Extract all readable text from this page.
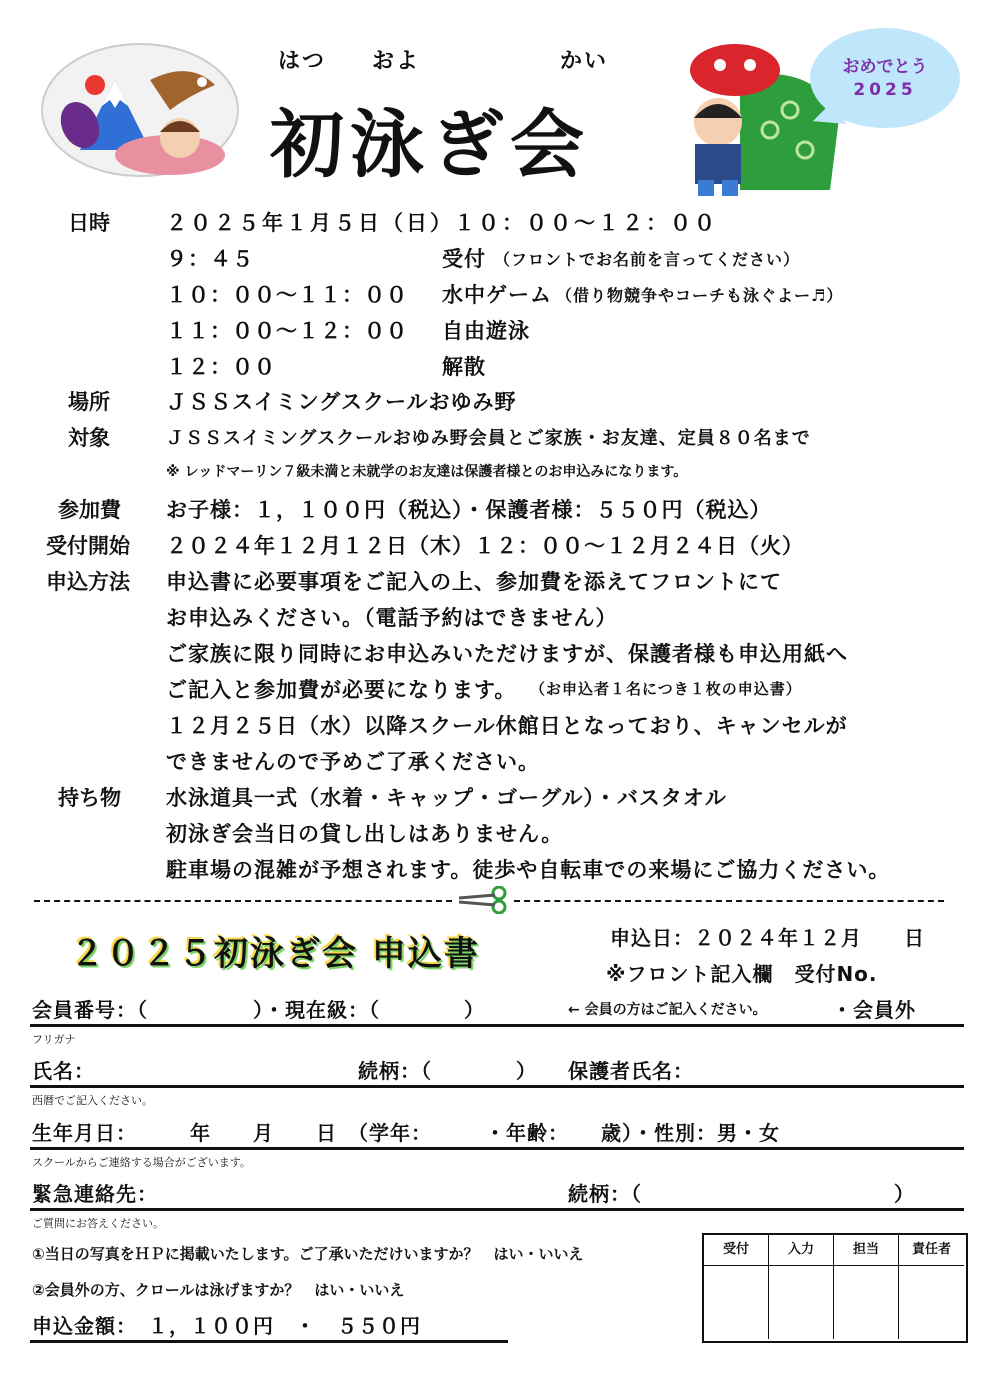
はつ およ	かい
初泳ぎ会
おめでとう
2025
日時	２０２５年１月５日（日）１０：００～１２：００
９：４５	受付 （フロントでお名前を言ってください）
１０：００～１１：００ 水中ゲーム （借り物競争やコーチも泳ぐよー♬）
１１：００～１２：００ 自由遊泳
１２：００	解散
場所	ＪＳＳスイミングスクールおゆみ野
対象	ＪＳＳスイミングスクールおゆみ野会員とご家族・お友達、定員８０名まで
※ レッドマーリン７級未満と未就学のお友達は保護者様とのお申込みになります。
参加費 お子様：１，１００円（税込）・保護者様：５５０円（税込）
受付開始 ２０２４年１２月１２日（木）１２：００～１２月２４日（火）
申込方法 申込書に必要事項をご記入の上、参加費を添えてフロントにて
お申込みください。（電話予約はできません）
ご家族に限り同時にお申込みいただけますが、保護者様も申込用紙へ
ご記入と参加費が必要になります。 （お申込者１名につき１枚の申込書）
１２月２５日（水）以降スクール休館日となっており、キャンセルが
できませんので予めご了承ください。
持ち物 水泳道具一式（水着・キャップ・ゴーグル）・バスタオル
初泳ぎ会当日の貸し出しはありません。
駐車場の混雑が予想されます。徒歩や自転車での来場にご協力ください。
２０２５初泳ぎ会 申込書	申込日：２０２４年１２月　　日
※フロント記入欄　受付No.
会員番号：（　　　　　）・現在級：（　　　　）	← 会員の方はご記入ください。	・会員外
フリガナ
氏名：	続柄：（　　　　） 保護者氏名：
西暦でご記入ください。
生年月日：　　　年　　月　　日　（学年：　　　・年齢：　　歳）・性別：男・女
スクールからご連絡する場合がございます。
緊急連絡先：	続柄：（　　　　　　　　　　　　）
ご質問にお答えください。
①当日の写真をＨＰに掲載いたします。ご了承いただけいますか？　はい・いいえ
②会員外の方、クロールは泳げますか？　はい・いいえ
申込金額：　１，１００円　・　５５０円
受付	入力	担当	責任者
